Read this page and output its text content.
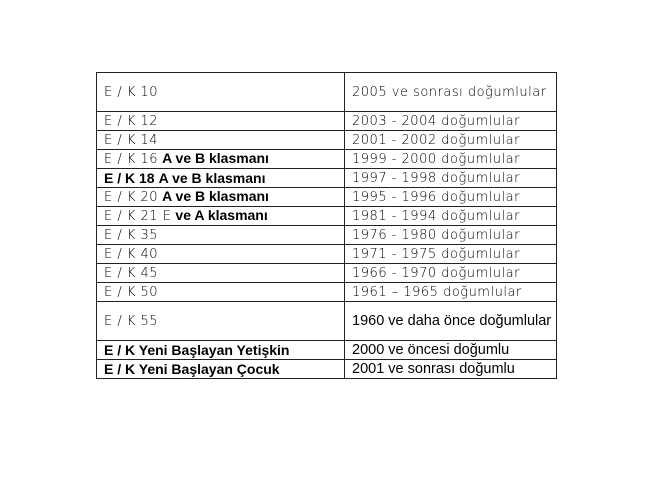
E / K 10	2005 ve sonrası doğumlular
E / K 12	2003 - 2004 doğumlular
E / K 14	2001 - 2002 doğumlular
E / K 16 A ve B klasmanı	1999 - 2000 doğumlular
E / K 18 A ve B klasmanı	1997 - 1998 doğumlular
E / K 20 A ve B klasmanı	1995 - 1996 doğumlular
E / K 21 E ve A klasmanı	1981 - 1994 doğumlular
E / K 35	1976 - 1980 doğumlular
E / K 40	1971 - 1975 doğumlular
E / K 45	1966 - 1970 doğumlular
E / K 50	1961 – 1965 doğumlular
E / K 55	1960 ve daha önce doğumlular
E / K Yeni Başlayan Yetişkin	2000 ve öncesi doğumlu
E / K Yeni Başlayan Çocuk	2001 ve sonrası doğumlu
